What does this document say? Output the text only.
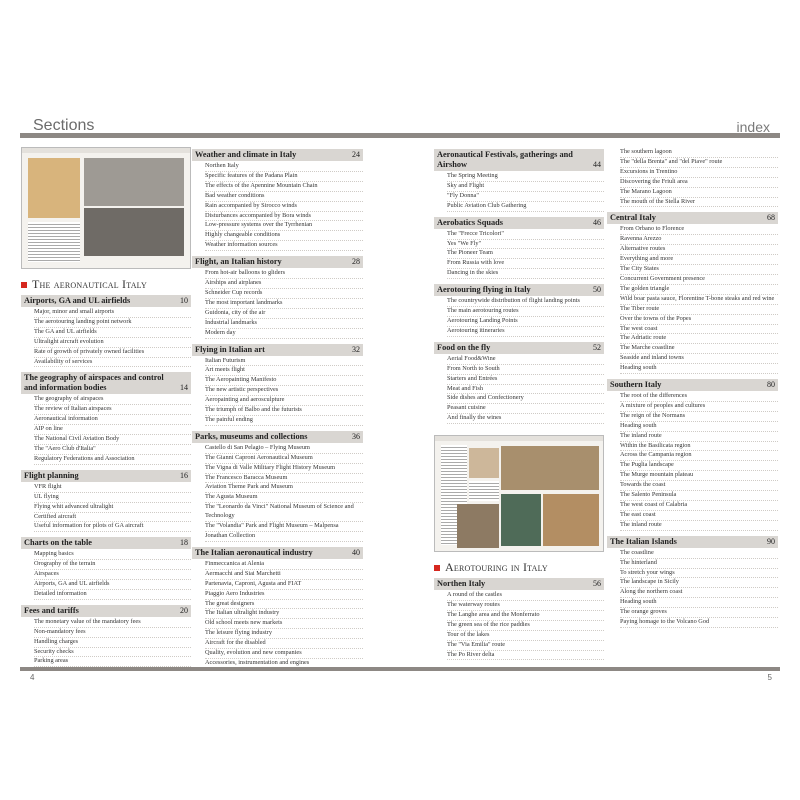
Sections	index
The aeronautical Italy
Airports, GA and UL airfields	10
Major, minor and small airports
The aerotouring landing point network
The GA and UL airfields
Ultralight aircraft evolution
Rate of growth of privately owned facilities
Availability of services
The geography of airspaces and control and information bodies	14
The geography of airspaces
The review of Italian airspaces
Aeronautical information
AIP on line
The National Civil Aviation Body
The "Aero Club d'Italia"
Regulatory Federations and Association
Flight planning	16
VFR flight
UL flying
Flying whit advanced ultralight
Certified aircraft
Useful information for pilots of GA aircraft
Charts on the table	18
Mapping basics
Orography of the terrain
Airspaces
Airports, GA and UL airfields
Detailed information
Fees and tariffs	20
The monetary value of the mandatory fees
Non-mandatory fees
Handling charges
Security checks
Parking areas
Weather and climate in Italy	24
Northen Italy
Specific features of the Padana Plain
The effects of the Apennine Mountain Chain
Bad weather conditions
Rain accompanied by Sirocco winds
Disturbances accompanied by Bora winds
Low-pressure systems over the Tyrrhenian
Highly changeable conditions
Weather information sources
Flight, an Italian history	28
From hot-air balloons to gliders
Airships and airplanes
Schneider Cup records
The most important landmarks
Guidonia, city of the air
Industrial landmarks
Modern day
Flying in Italian art	32
Italian Futurism
Art meets flight
The Aeropainting Manifesto
The new artistic perspectives
Aeropainting and aerosculpture
The triumph of Balbo and the futurists
The painful ending
Parks, museums and collections	36
Castello di San Pelagio – Flying Museum
The Gianni Caproni Aeronautical Museum
The Vigna di Valle Military Flight History Museum
The Francesco Baracca Museum
Aviation Theme Park and Museum
The Agusta Museum
The "Leonardo da Vinci" National Museum of Science and Technology
The "Volandia" Park and Flight Museum – Malpensa
Jonathan Collection
The Italian aeronautical industry	40
Finmeccanica at Alenia
Aermacchi and Siai Marchetti
Partenavia, Caproni, Agusta and FIAT
Piaggio Aero Industries
The great designers
The Italian ultralight industry
Old school meets new markets
The leisure flying industry
Aircraft for the disabled
Quality, evolution and new companies
Accessories, instrumentation and engines
Aeronautical Festivals, gatherings and Airshow	44
The Spring Meeting
Sky and Flight
"Fly Donna"
Public Aviation Club Gathering
Aerobatics Squads	46
The "Frecce Tricolori"
Yes "We Fly"
The Pioneer Team
From Russia with love
Dancing in the skies
Aerotouring flying in Italy	50
The countrywide distribution of flight landing points
The main aerotouring routes
Aerotouring Landing Points
Aerotouring itineraries
Food on the fly	52
Aerial Food&Wine
From North to South
Starters and Entrées
Meat and Fish
Side dishes and Confectionery
Peasant cuisine
And finally the wines
Aerotouring in Italy
Northen Italy	56
A round of the castles
The waterway routes
The Langhe area and the Monferrato
The green sea of the rice paddies
Tour of the lakes
The "Via Emilia" route
The Po River delta
The southern lagoon
The "della Brenta" and "del Piave" route
Excursions in Trentino
Discovering the Friuli area
The Marano Lagoon
The mouth of the Stella River
Central Italy	68
From Orbano to Florence
Ravenna Arezzo
Alternative routes
Everything and more
The City States
Concurrent Government presence
The golden triangle
Wild boar pasta sauce, Florentine T-bone steaks and red wine
The Tiber route
Over the towns of the Popes
The west coast
The Adriatic route
The Marche coastline
Seaside and inland towns
Heading south
Southern Italy	80
The root of the differences
A mixture of peoples and cultures
The reign of the Normans
Heading south
The inland route
Within the Basilicata region
Across the Campania region
The Puglia landscape
The Murge mountain plateau
Towards the coast
The Salento Peninsula
The west coast of Calabria
The east coast
The inland route
The Italian Islands	90
The coastline
The hinterland
To stretch your wings
The landscape in Sicily
Along the northern coast
Heading south
The orange groves
Paying homage to the Volcano God
4	5
